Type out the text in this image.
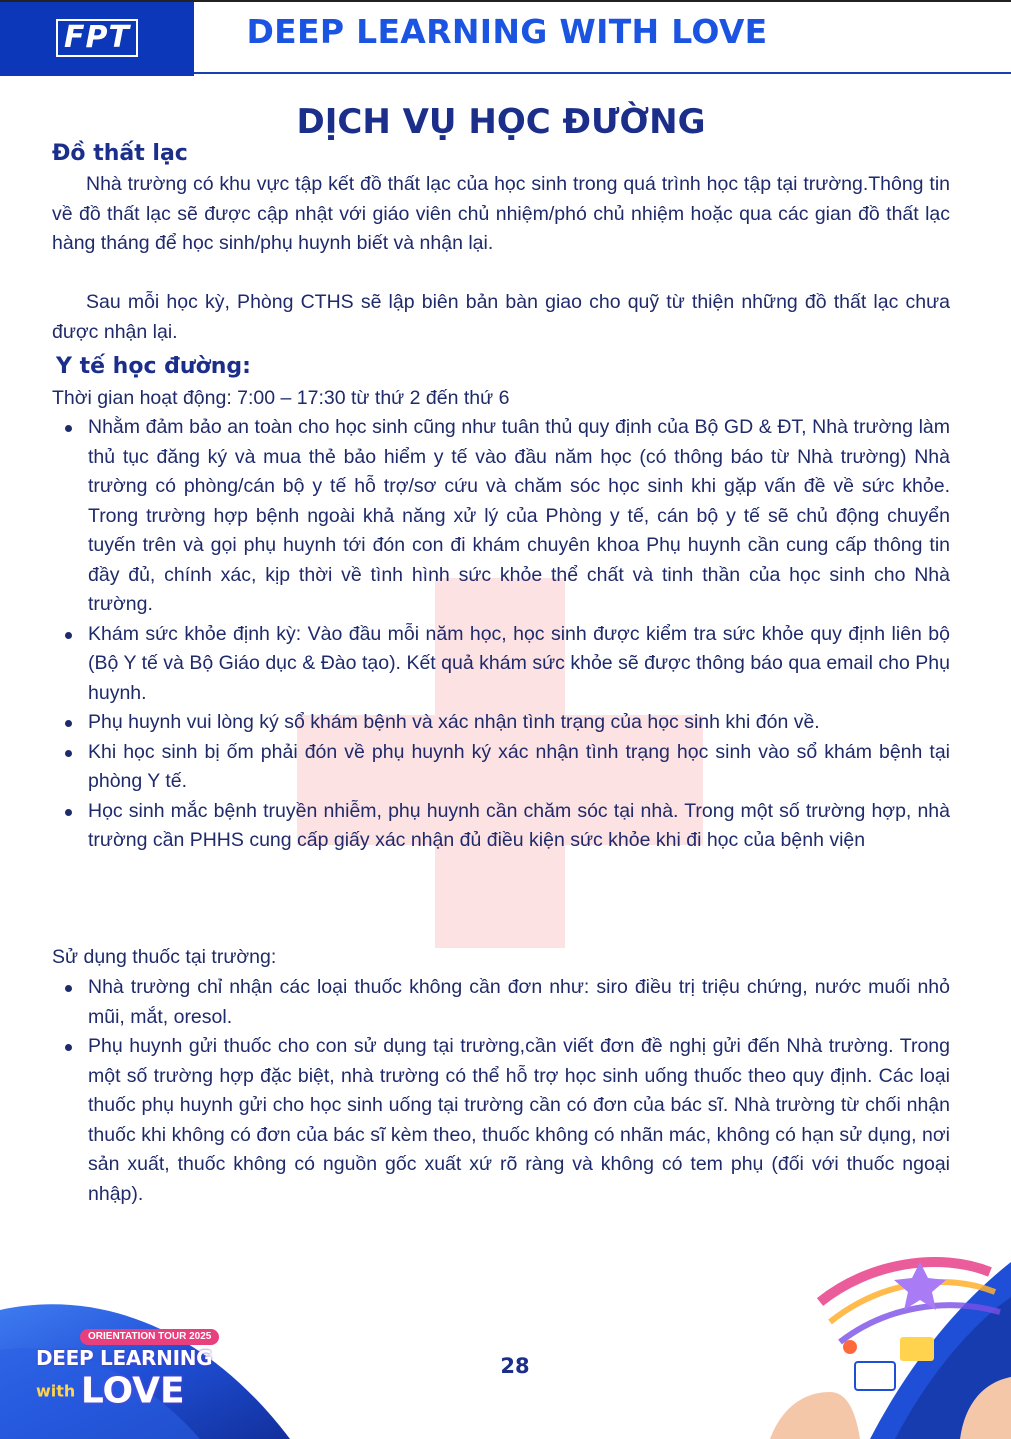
FPT	DEEP LEARNING WITH LOVE
DỊCH VỤ HỌC ĐƯỜNG
Đồ thất lạc

Nhà trường có khu vực tập kết đồ thất lạc của học sinh trong quá trình học tập tại trường.Thông tin về đồ thất lạc sẽ được cập nhật với giáo viên chủ nhiệm/phó chủ nhiệm hoặc qua các gian đồ thất lạc hàng tháng để học sinh/phụ huynh biết và nhận lại.

Sau mỗi học kỳ, Phòng CTHS sẽ lập biên bản bàn giao cho quỹ từ thiện những đồ thất lạc chưa được nhận lại.

Y tế học đường:
Thời gian hoạt động: 7:00 – 17:30 từ thứ 2 đến thứ 6
Nhằm đảm bảo an toàn cho học sinh cũng như tuân thủ quy định của Bộ GD & ĐT, Nhà trường làm thủ tục đăng ký và mua thẻ bảo hiểm y tế vào đầu năm học (có thông báo từ Nhà trường) Nhà trường có phòng/cán bộ y tế hỗ trợ/sơ cứu và chăm sóc học sinh khi gặp vấn đề về sức khỏe. Trong trường hợp bệnh ngoài khả năng xử lý của Phòng y tế, cán bộ y tế sẽ chủ động chuyển tuyến trên và gọi phụ huynh tới đón con đi khám chuyên khoa Phụ huynh cần cung cấp thông tin đầy đủ, chính xác, kịp thời về tình hình sức khỏe thể chất và tinh thần của học sinh cho Nhà trường.
Khám sức khỏe định kỳ: Vào đầu mỗi năm học, học sinh được kiểm tra sức khỏe quy định liên bộ (Bộ Y tế và Bộ Giáo dục & Đào tạo). Kết quả khám sức khỏe sẽ được thông báo qua email cho Phụ huynh.
Phụ huynh vui lòng ký sổ khám bệnh và xác nhận tình trạng của học sinh khi đón về.
Khi học sinh bị ốm phải đón về phụ huynh ký xác nhận tình trạng học sinh vào sổ khám bệnh tại phòng Y tế.
Học sinh mắc bệnh truyền nhiễm, phụ huynh cần chăm sóc tại nhà. Trong một số trường hợp, nhà trường cần PHHS cung cấp giấy xác nhận đủ điều kiện sức khỏe khi đi học của bệnh viện
Sử dụng thuốc tại trường:
Nhà trường chỉ nhận các loại thuốc không cần đơn như: siro điều trị triệu chứng, nước muối nhỏ mũi, mắt, oresol.
Phụ huynh gửi thuốc cho con sử dụng tại trường,cần viết đơn đề nghị gửi đến Nhà trường. Trong một số trường hợp đặc biệt, nhà trường có thể hỗ trợ học sinh uống thuốc theo quy định. Các loại thuốc phụ huynh gửi cho học sinh uống tại trường cần có đơn của bác sĩ. Nhà trường từ chối nhận thuốc khi không có đơn của bác sĩ kèm theo, thuốc không có nhãn mác, không có hạn sử dụng, nơi sản xuất, thuốc không có nguồn gốc xuất xứ rõ ràng và không có tem phụ (đối với thuốc ngoại nhập).
ORIENTATION TOUR 2025
DEEP LEARNING
with LOVE
28
